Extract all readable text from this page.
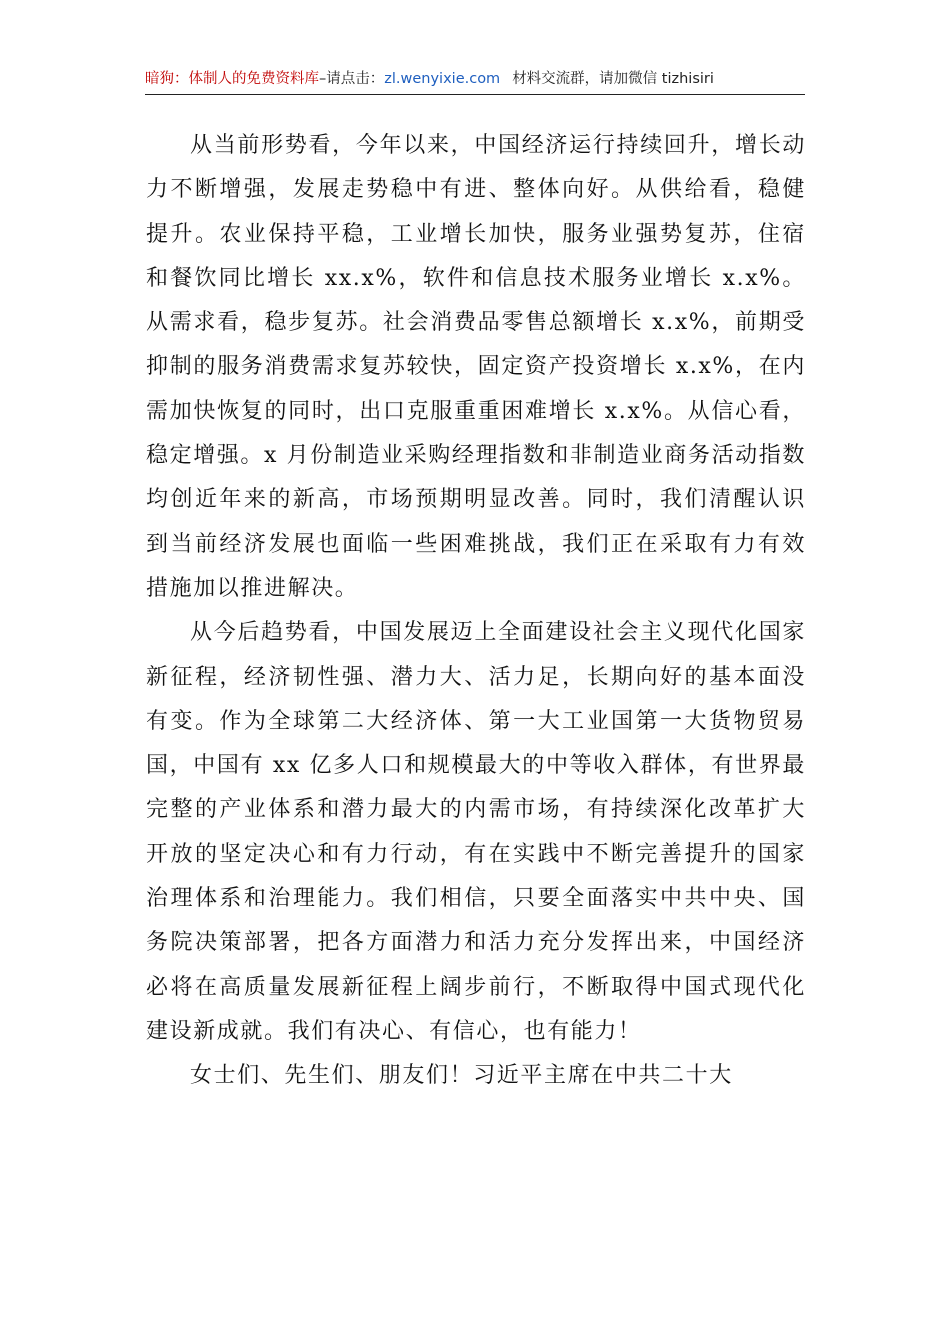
暗狗：体制人的免费资料库–请点击：zl.wenyixie.com 材料交流群，请加微信 tizhisiri

从当前形势看，今年以来，中国经济运行持续回升，增长动力不断增强，发展走势稳中有进、整体向好。从供给看，稳健提升。农业保持平稳，工业增长加快，服务业强势复苏，住宿和餐饮同比增长 xx.x%，软件和信息技术服务业增长 x.x%。从需求看，稳步复苏。社会消费品零售总额增长 x.x%，前期受抑制的服务消费需求复苏较快，固定资产投资增长 x.x%，在内需加快恢复的同时，出口克服重重困难增长 x.x%。从信心看，稳定增强。x 月份制造业采购经理指数和非制造业商务活动指数均创近年来的新高，市场预期明显改善。同时，我们清醒认识到当前经济发展也面临一些困难挑战，我们正在采取有力有效措施加以推进解决。

从今后趋势看，中国发展迈上全面建设社会主义现代化国家新征程，经济韧性强、潜力大、活力足，长期向好的基本面没有变。作为全球第二大经济体、第一大工业国第一大货物贸易国，中国有 xx 亿多人口和规模最大的中等收入群体，有世界最完整的产业体系和潜力最大的内需市场，有持续深化改革扩大开放的坚定决心和有力行动，有在实践中不断完善提升的国家治理体系和治理能力。我们相信，只要全面落实中共中央、国务院决策部署，把各方面潜力和活力充分发挥出来，中国经济必将在高质量发展新征程上阔步前行，不断取得中国式现代化建设新成就。我们有决心、有信心，也有能力！

女士们、先生们、朋友们！习近平主席在中共二十大
